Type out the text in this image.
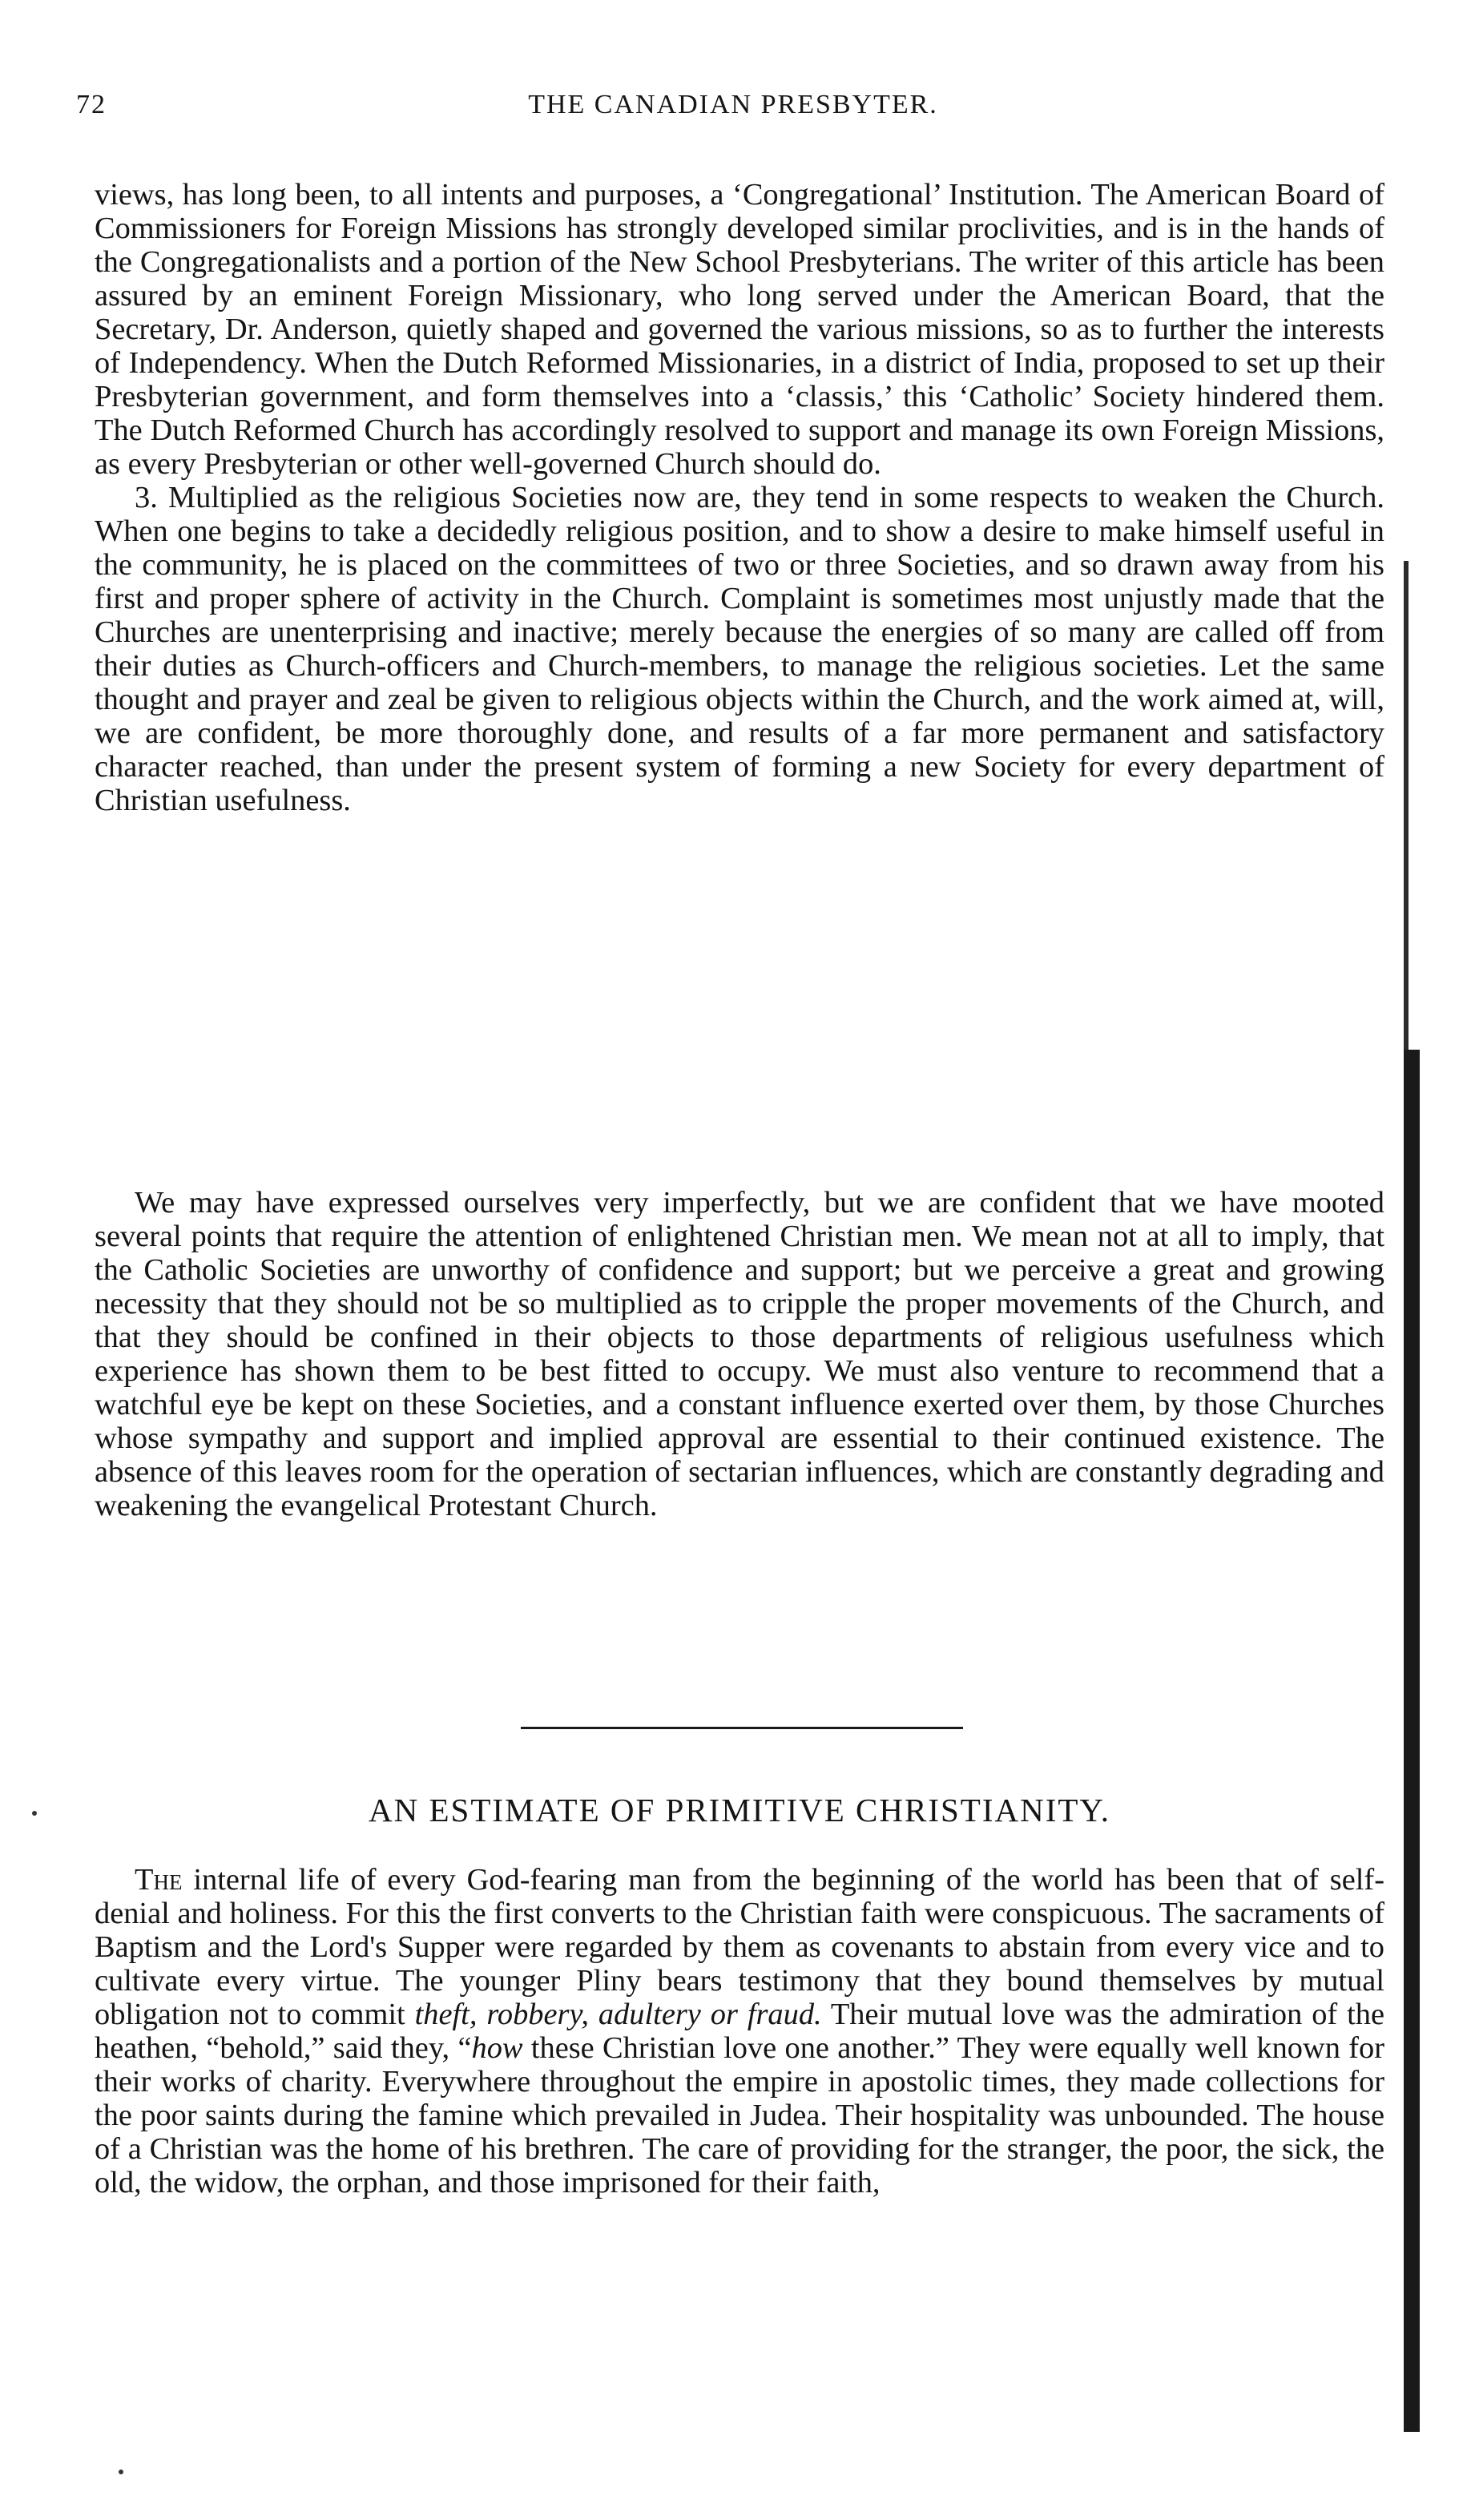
72	THE CANADIAN PRESBYTER.

views, has long been, to all intents and purposes, a ‘Congregational’ Institution. The American Board of Commissioners for Foreign Missions has strongly developed similar proclivities, and is in the hands of the Congregationalists and a portion of the New School Presbyterians. The writer of this article has been assured by an eminent Foreign Missionary, who long served under the American Board, that the Secretary, Dr. Anderson, quietly shaped and governed the various missions, so as to further the interests of Independency. When the Dutch Reformed Missionaries, in a district of India, proposed to set up their Presbyterian government, and form themselves into a ‘classis,’ this ‘Catholic’ Society hindered them. The Dutch Reformed Church has accordingly resolved to support and manage its own Foreign Missions, as every Presbyterian or other well-governed Church should do.

3. Multiplied as the religious Societies now are, they tend in some respects to weaken the Church. When one begins to take a decidedly religious position, and to show a desire to make himself useful in the community, he is placed on the committees of two or three Societies, and so drawn away from his first and proper sphere of activity in the Church. Complaint is sometimes most unjustly made that the Churches are unenterprising and inactive; merely because the energies of so many are called off from their duties as Church-officers and Church-members, to manage the religious societies. Let the same thought and prayer and zeal be given to religious objects within the Church, and the work aimed at, will, we are confident, be more thoroughly done, and results of a far more permanent and satisfactory character reached, than under the present system of forming a new Society for every department of Christian usefulness.

We may have expressed ourselves very imperfectly, but we are confident that we have mooted several points that require the attention of enlightened Christian men. We mean not at all to imply, that the Catholic Societies are unworthy of confidence and support; but we perceive a great and growing necessity that they should not be so multiplied as to cripple the proper movements of the Church, and that they should be confined in their objects to those departments of religious usefulness which experience has shown them to be best fitted to occupy. We must also venture to recommend that a watchful eye be kept on these Societies, and a constant influence exerted over them, by those Churches whose sympathy and support and implied approval are essential to their continued existence. The absence of this leaves room for the operation of sectarian influences, which are constantly degrading and weakening the evangelical Protestant Church.

AN ESTIMATE OF PRIMITIVE CHRISTIANITY.

The internal life of every God-fearing man from the beginning of the world has been that of self-denial and holiness. For this the first converts to the Christian faith were conspicuous. The sacraments of Baptism and the Lord's Supper were regarded by them as covenants to abstain from every vice and to cultivate every virtue. The younger Pliny bears testimony that they bound themselves by mutual obligation not to commit theft, robbery, adultery or fraud. Their mutual love was the admiration of the heathen, “behold,” said they, “how these Christian love one another.” They were equally well known for their works of charity. Everywhere throughout the empire in apostolic times, they made collections for the poor saints during the famine which prevailed in Judea. Their hospitality was unbounded. The house of a Christian was the home of his brethren. The care of providing for the stranger, the poor, the sick, the old, the widow, the orphan, and those imprisoned for their faith,
